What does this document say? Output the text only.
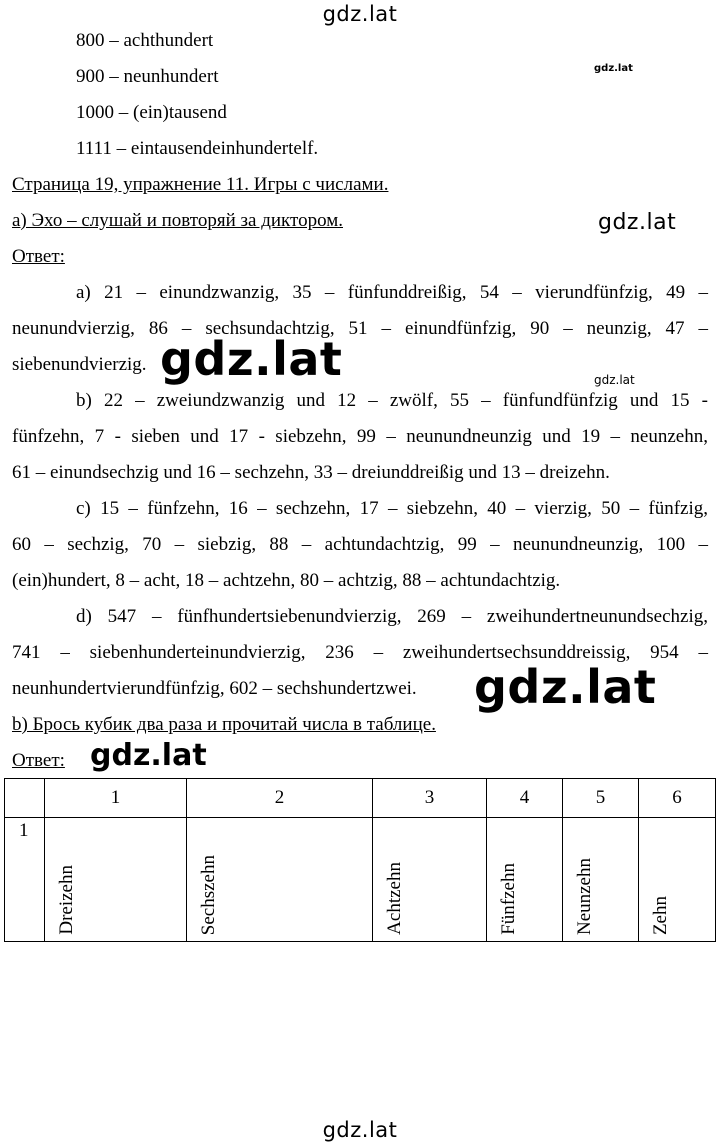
gdz.lat
gdz.lat
gdz.lat
gdz.lat
800 – achthundert
900 – neunhundert
1000 – (ein)tausend
1111 – eintausendeinhundertelf.
Страница 19, упражнение 11. Игры с числами.
а) Эхо – слушай и повторяй за диктором.
Ответ:
a) 21 – einundzwanzig, 35 – fünfunddreißig, 54 – vierundfünfzig, 49 –
neunundvierzig, 86 – sechsundachtzig, 51 – einundfünfzig, 90 – neunzig, 47 –
siebenundvierzig.
b) 22 – zweiundzwanzig und 12 – zwölf, 55 – fünfundfünfzig und 15 -
fünfzehn, 7 - sieben und 17 - siebzehn, 99 – neunundneunzig und 19 – neunzehn,
61 – einundsechzig und 16 – sechzehn, 33 – dreiunddreißig und 13 – dreizehn.
c) 15 – fünfzehn, 16 – sechzehn, 17 – siebzehn, 40 – vierzig, 50 – fünfzig,
60 – sechzig, 70 – siebzig, 88 – achtundachtzig, 99 – neunundneunzig, 100 –
(ein)hundert, 8 – acht, 18 – achtzehn, 80 – achtzig, 88 – achtundachtzig.
d) 547 – fünfhundertsiebenundvierzig, 269 – zweihundertneunundsechzig,
741 – siebenhunderteinundvierzig, 236 – zweihundertsechsunddreissig, 954 –
neunhundertvierundfünfzig, 602 – sechshundertzwei.
b) Брось кубик два раза и прочитай числа в таблице.
Ответ:
gdz.lat
gdz.lat
gdz.lat
	1	2	3	4	5	6
1	Dreizehn	Sechszehn	Achtzehn	Fünfzehn	Neunzehn	Zehn
gdz.lat
